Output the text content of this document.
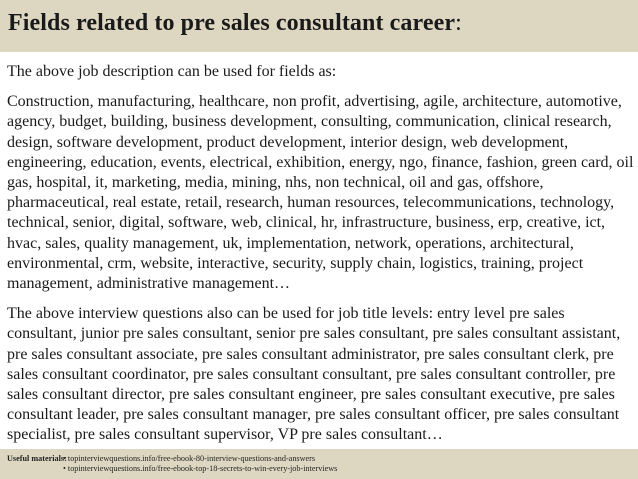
Fields related to pre sales consultant career:

The above job description can be used for fields as:

Construction, manufacturing, healthcare, non profit, advertising, agile, architecture, automotive, agency, budget, building, business development, consulting, communication, clinical research, design, software development, product development, interior design, web development, engineering, education, events, electrical, exhibition, energy, ngo, finance, fashion, green card, oil gas, hospital, it, marketing, media, mining, nhs, non technical, oil and gas, offshore, pharmaceutical, real estate, retail, research, human resources, telecommunications, technology, technical, senior, digital, software, web, clinical, hr, infrastructure, business, erp, creative, ict, hvac, sales, quality management, uk, implementation, network, operations, architectural, environmental, crm, website, interactive, security, supply chain, logistics, training, project management, administrative management…

The above interview questions also can be used for job title levels: entry level pre sales consultant, junior pre sales consultant, senior pre sales consultant, pre sales consultant assistant, pre sales consultant associate, pre sales consultant administrator, pre sales consultant clerk, pre sales consultant coordinator, pre sales consultant consultant, pre sales consultant controller, pre sales consultant director, pre sales consultant engineer, pre sales consultant executive, pre sales consultant leader, pre sales consultant manager, pre sales consultant officer, pre sales consultant specialist, pre sales consultant supervisor, VP pre sales consultant…

Useful materials:• topinterviewquestions.info/free-ebook-80-interview-questions-and-answers
• topinterviewquestions.info/free-ebook-top-18-secrets-to-win-every-job-interviews
